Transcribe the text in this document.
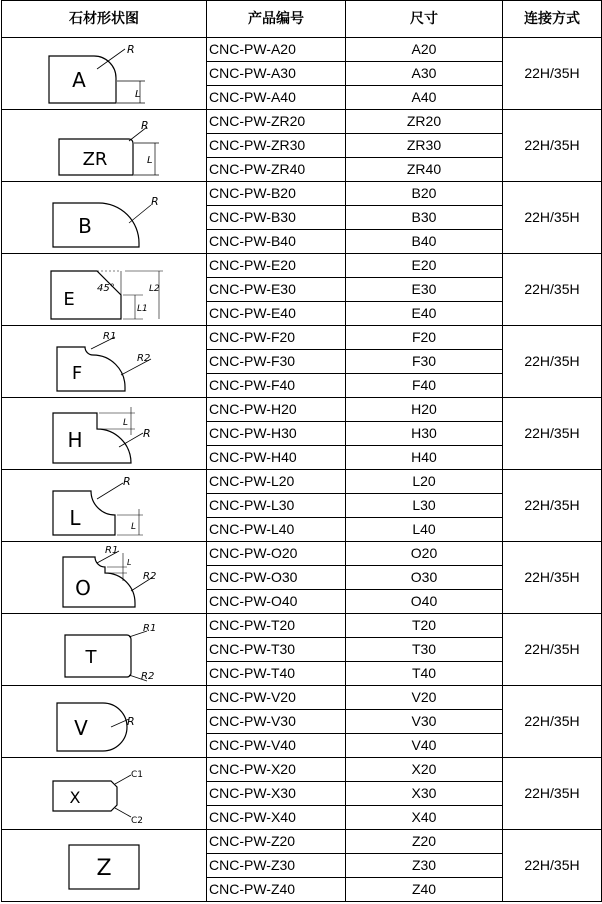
石材形状图	产品编号	尺寸	连接方式

A
R
L	CNC-PW-A20	A20	22H/35H
	CNC-PW-A30	A30	
	CNC-PW-A40	A40	

ZR
R
L	CNC-PW-ZR20	ZR20	22H/35H
	CNC-PW-ZR30	ZR30	
	CNC-PW-ZR40	ZR40	

B
R	CNC-PW-B20	B20	22H/35H
	CNC-PW-B30	B30	
	CNC-PW-B40	B40	

E
45°
L1
L2	CNC-PW-E20	E20	22H/35H
	CNC-PW-E30	E30	
	CNC-PW-E40	E40	

F
R1
R2	CNC-PW-F20	F20	22H/35H
	CNC-PW-F30	F30	
	CNC-PW-F40	F40	

H
L
R	CNC-PW-H20	H20	22H/35H
	CNC-PW-H30	H30	
	CNC-PW-H40	H40	

L
R
L	CNC-PW-L20	L20	22H/35H
	CNC-PW-L30	L30	
	CNC-PW-L40	L40	

O
R1
L
R2	CNC-PW-O20	O20	22H/35H
	CNC-PW-O30	O30	
	CNC-PW-O40	O40	

T
R1
R2	CNC-PW-T20	T20	22H/35H
	CNC-PW-T30	T30	
	CNC-PW-T40	T40	

V R	CNC-PW-V20	V20	22H/35H
	CNC-PW-V30	V30	
	CNC-PW-V40	V40	

X
C1
C2	CNC-PW-X20	X20	22H/35H
	CNC-PW-X30	X30	
	CNC-PW-X40	X40	

Z	CNC-PW-Z20	Z20	22H/35H
	CNC-PW-Z30	Z30	
	CNC-PW-Z40	Z40	
